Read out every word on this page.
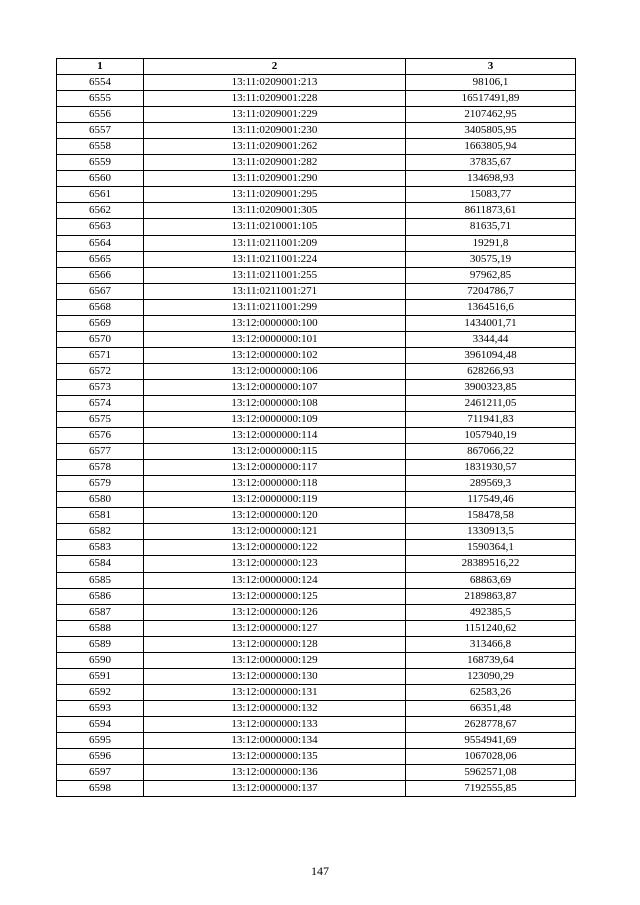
1	2	3
6554	13:11:0209001:213	98106,1
6555	13:11:0209001:228	16517491,89
6556	13:11:0209001:229	2107462,95
6557	13:11:0209001:230	3405805,95
6558	13:11:0209001:262	1663805,94
6559	13:11:0209001:282	37835,67
6560	13:11:0209001:290	134698,93
6561	13:11:0209001:295	15083,77
6562	13:11:0209001:305	8611873,61
6563	13:11:0210001:105	81635,71
6564	13:11:0211001:209	19291,8
6565	13:11:0211001:224	30575,19
6566	13:11:0211001:255	97962,85
6567	13:11:0211001:271	7204786,7
6568	13:11:0211001:299	1364516,6
6569	13:12:0000000:100	1434001,71
6570	13:12:0000000:101	3344,44
6571	13:12:0000000:102	3961094,48
6572	13:12:0000000:106	628266,93
6573	13:12:0000000:107	3900323,85
6574	13:12:0000000:108	2461211,05
6575	13:12:0000000:109	711941,83
6576	13:12:0000000:114	1057940,19
6577	13:12:0000000:115	867066,22
6578	13:12:0000000:117	1831930,57
6579	13:12:0000000:118	289569,3
6580	13:12:0000000:119	117549,46
6581	13:12:0000000:120	158478,58
6582	13:12:0000000:121	1330913,5
6583	13:12:0000000:122	1590364,1
6584	13:12:0000000:123	28389516,22
6585	13:12:0000000:124	68863,69
6586	13:12:0000000:125	2189863,87
6587	13:12:0000000:126	492385,5
6588	13:12:0000000:127	1151240,62
6589	13:12:0000000:128	313466,8
6590	13:12:0000000:129	168739,64
6591	13:12:0000000:130	123090,29
6592	13:12:0000000:131	62583,26
6593	13:12:0000000:132	66351,48
6594	13:12:0000000:133	2628778,67
6595	13:12:0000000:134	9554941,69
6596	13:12:0000000:135	1067028,06
6597	13:12:0000000:136	5962571,08
6598	13:12:0000000:137	7192555,85
147
